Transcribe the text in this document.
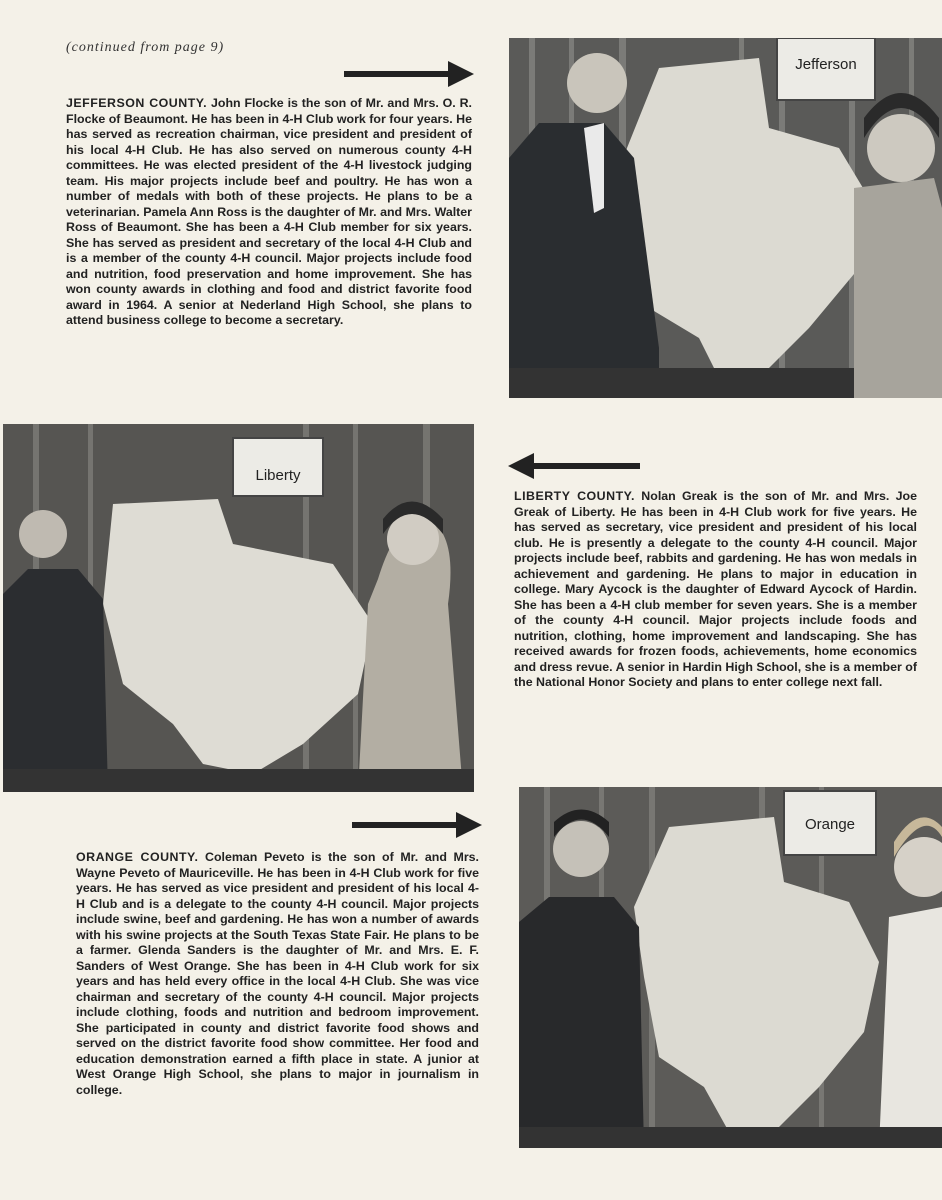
(continued from page 9)
JEFFERSON COUNTY. John Flocke is the son of Mr. and Mrs. O. R. Flocke of Beaumont. He has been in 4-H Club work for four years. He has served as recreation chairman, vice president and president of his local 4-H Club. He has also served on numerous county 4-H committees. He was elected president of the 4-H livestock judging team. His major projects include beef and poultry. He has won a number of medals with both of these projects. He plans to be a veterinarian. Pamela Ann Ross is the daughter of Mr. and Mrs. Walter Ross of Beaumont. She has been a 4-H Club member for six years. She has served as president and secretary of the local 4-H Club and is a member of the county 4-H council. Major projects include food and nutrition, food preservation and home improvement. She has won county awards in clothing and food and district favorite food award in 1964. A senior at Nederland High School, she plans to attend business college to become a secretary.
Jefferson
Liberty
LIBERTY COUNTY. Nolan Greak is the son of Mr. and Mrs. Joe Greak of Liberty. He has been in 4-H Club work for five years. He has served as secretary, vice president and president of his local club. He is presently a delegate to the county 4-H council. Major projects include beef, rabbits and gardening. He has won medals in achievement and gardening. He plans to major in education in college. Mary Aycock is the daughter of Edward Aycock of Hardin. She has been a 4-H club member for seven years. She is a member of the county 4-H council. Major projects include foods and nutrition, clothing, home improvement and landscaping. She has received awards for frozen foods, achievements, home economics and dress revue. A senior in Hardin High School, she is a member of the National Honor Society and plans to enter college next fall.
ORANGE COUNTY. Coleman Peveto is the son of Mr. and Mrs. Wayne Peveto of Mauriceville. He has been in 4-H Club work for five years. He has served as vice president and president of his local 4-H Club and is a delegate to the county 4-H council. Major projects include swine, beef and gardening. He has won a number of awards with his swine projects at the South Texas State Fair. He plans to be a farmer. Glenda Sanders is the daughter of Mr. and Mrs. E. F. Sanders of West Orange. She has been in 4-H Club work for six years and has held every office in the local 4-H Club. She was vice chairman and secretary of the county 4-H council. Major projects include clothing, foods and nutrition and bedroom improvement. She participated in county and district favorite food shows and served on the district favorite food show committee. Her food and education demonstration earned a fifth place in state. A junior at West Orange High School, she plans to major in journalism in college.
Orange
